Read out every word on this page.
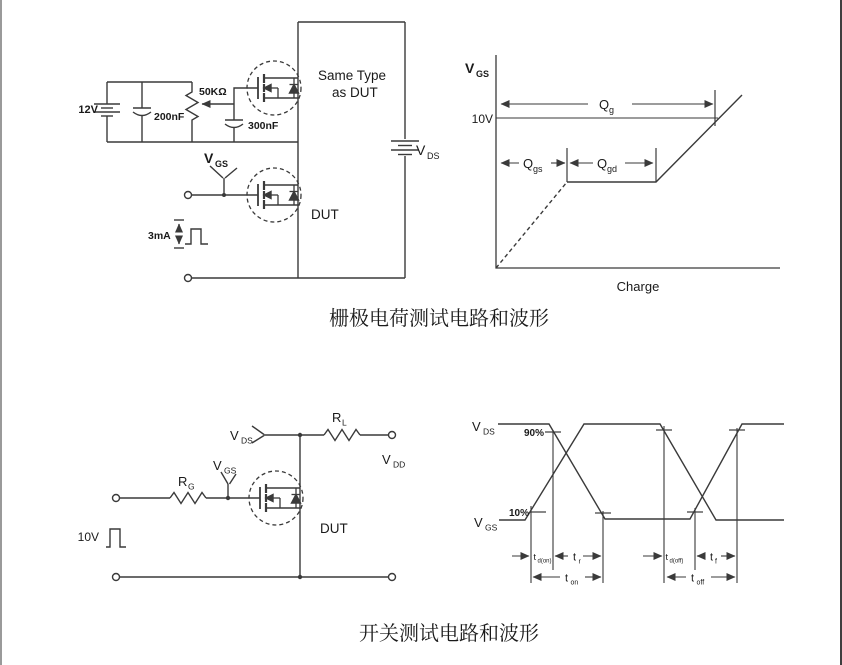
12V
200nF
50KΩ
300nF
V GS
3mA
Same Type
as DUT
DUT
V DS
V GS
10V
Q g
Q gs	Q gd
Charge
R G
R L
V DS
V GS
V DD
DUT
10V
V DS
V GS
90%
10%
t d(on) t r
t on
t d(off) t f
t off
栅极电荷测试电路和波形
开关测试电路和波形
